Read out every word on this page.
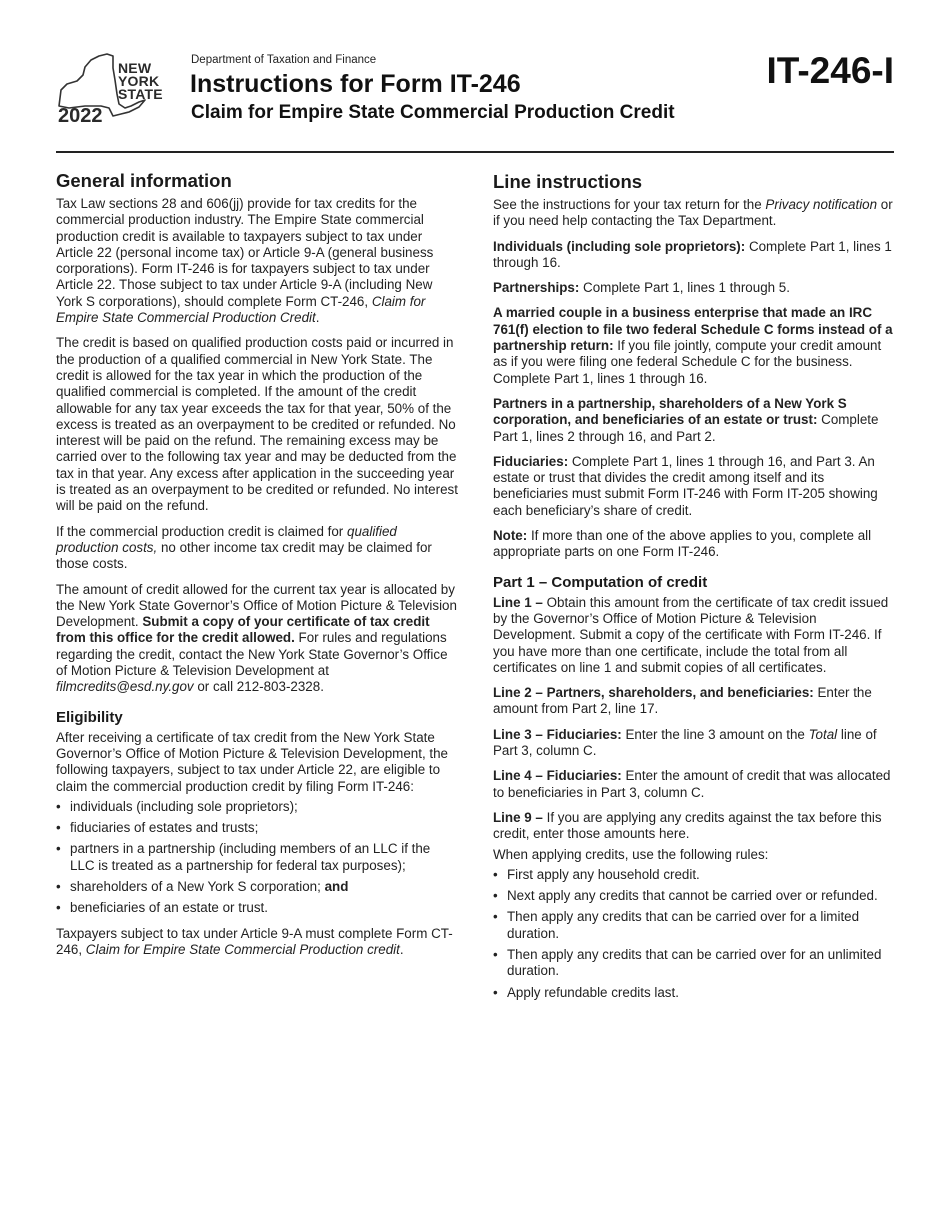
NEW
YORK
STATE
2022
Department of Taxation and Finance
Instructions for Form IT-246
Claim for Empire State Commercial Production Credit
IT-246-I
General information

Tax Law sections 28 and 606(jj) provide for tax credits for the commercial production industry. The Empire State commercial production credit is available to taxpayers subject to tax under Article 22 (personal income tax) or Article 9-A (general business corporations). Form IT-246 is for taxpayers subject to tax under Article 22. Those subject to tax under Article 9-A (including New York S corporations), should complete Form CT-246, Claim for Empire State Commercial Production Credit.

The credit is based on qualified production costs paid or incurred in the production of a qualified commercial in New York State. The credit is allowed for the tax year in which the production of the qualified commercial is completed. If the amount of the credit allowable for any tax year exceeds the tax for that year, 50% of the excess is treated as an overpayment to be credited or refunded. No interest will be paid on the refund. The remaining excess may be carried over to the following tax year and may be deducted from the tax in that year. Any excess after application in the succeeding year is treated as an overpayment to be credited or refunded. No interest will be paid on the refund.

If the commercial production credit is claimed for qualified production costs, no other income tax credit may be claimed for those costs.

The amount of credit allowed for the current tax year is allocated by the New York State Governor’s Office of Motion Picture & Television Development. Submit a copy of your certificate of tax credit from this office for the credit allowed. For rules and regulations regarding the credit, contact the New York State Governor’s Office of Motion Picture & Television Development at filmcredits@esd.ny.gov or call 212-803-2328.

Eligibility

After receiving a certificate of tax credit from the New York State Governor’s Office of Motion Picture & Television Development, the following taxpayers, subject to tax under Article 22, are eligible to claim the commercial production credit by filing Form IT-246:

• individuals (including sole proprietors);
• fiduciaries of estates and trusts;
• partners in a partnership (including members of an LLC if the LLC is treated as a partnership for federal tax purposes);
• shareholders of a New York S corporation; and
• beneficiaries of an estate or trust.

Taxpayers subject to tax under Article 9-A must complete Form CT-246, Claim for Empire State Commercial Production credit.

Line instructions

See the instructions for your tax return for the Privacy notification or if you need help contacting the Tax Department.

Individuals (including sole proprietors): Complete Part 1, lines 1 through 16.

Partnerships: Complete Part 1, lines 1 through 5.

A married couple in a business enterprise that made an IRC 761(f) election to file two federal Schedule C forms instead of a partnership return: If you file jointly, compute your credit amount as if you were filing one federal Schedule C for the business. Complete Part 1, lines 1 through 16.

Partners in a partnership, shareholders of a New York S corporation, and beneficiaries of an estate or trust: Complete Part 1, lines 2 through 16, and Part 2.

Fiduciaries: Complete Part 1, lines 1 through 16, and Part 3. An estate or trust that divides the credit among itself and its beneficiaries must submit Form IT-246 with Form IT-205 showing each beneficiary’s share of credit.

Note: If more than one of the above applies to you, complete all appropriate parts on one Form IT-246.

Part 1 – Computation of credit

Line 1 – Obtain this amount from the certificate of tax credit issued by the Governor’s Office of Motion Picture & Television Development. Submit a copy of the certificate with Form IT-246. If you have more than one certificate, include the total from all certificates on line 1 and submit copies of all certificates.

Line 2 – Partners, shareholders, and beneficiaries: Enter the amount from Part 2, line 17.

Line 3 – Fiduciaries: Enter the line 3 amount on the Total line of Part 3, column C.

Line 4 – Fiduciaries: Enter the amount of credit that was allocated to beneficiaries in Part 3, column C.

Line 9 – If you are applying any credits against the tax before this credit, enter those amounts here.

When applying credits, use the following rules:

• First apply any household credit.
• Next apply any credits that cannot be carried over or refunded.
• Then apply any credits that can be carried over for a limited duration.
• Then apply any credits that can be carried over for an unlimited duration.
• Apply refundable credits last.
